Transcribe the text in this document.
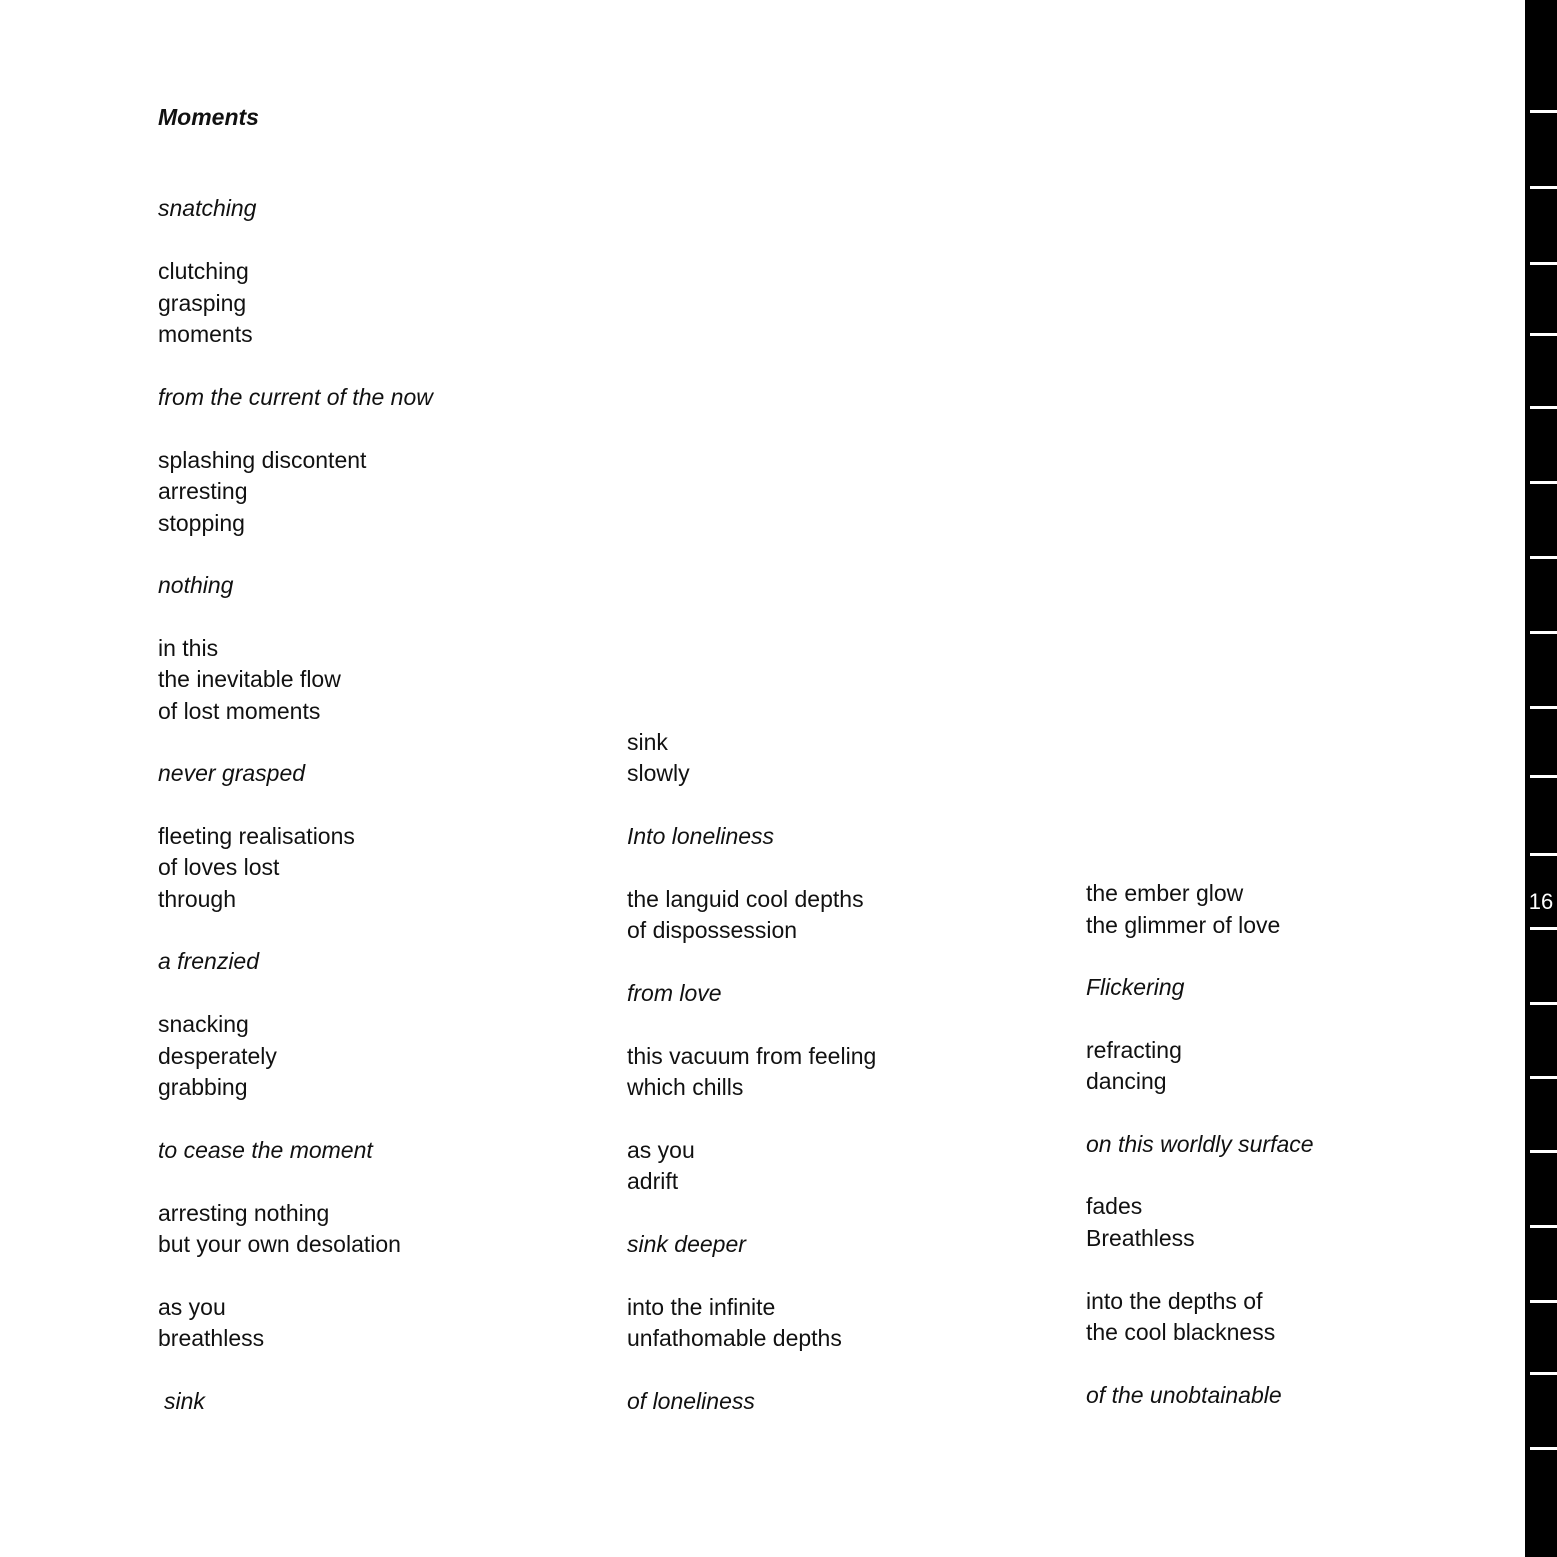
Moments
snatching
clutching
grasping
moments
from the current of the now
splashing discontent
arresting
stopping
nothing
in this
the inevitable flow
of lost moments
never grasped
fleeting realisations
of loves lost
through
a frenzied
snacking
desperately
grabbing
to cease the moment
arresting nothing
but your own desolation
as you
breathless
sink
sink
slowly
Into loneliness
the languid cool depths
of dispossession
from love
this vacuum from feeling
which chills
as you
adrift
sink deeper
into the infinite
unfathomable depths
of loneliness
the ember glow
the glimmer of love
Flickering
refracting
dancing
on this worldly surface
fades
Breathless
into the depths of
the cool blackness
of the unobtainable
16
